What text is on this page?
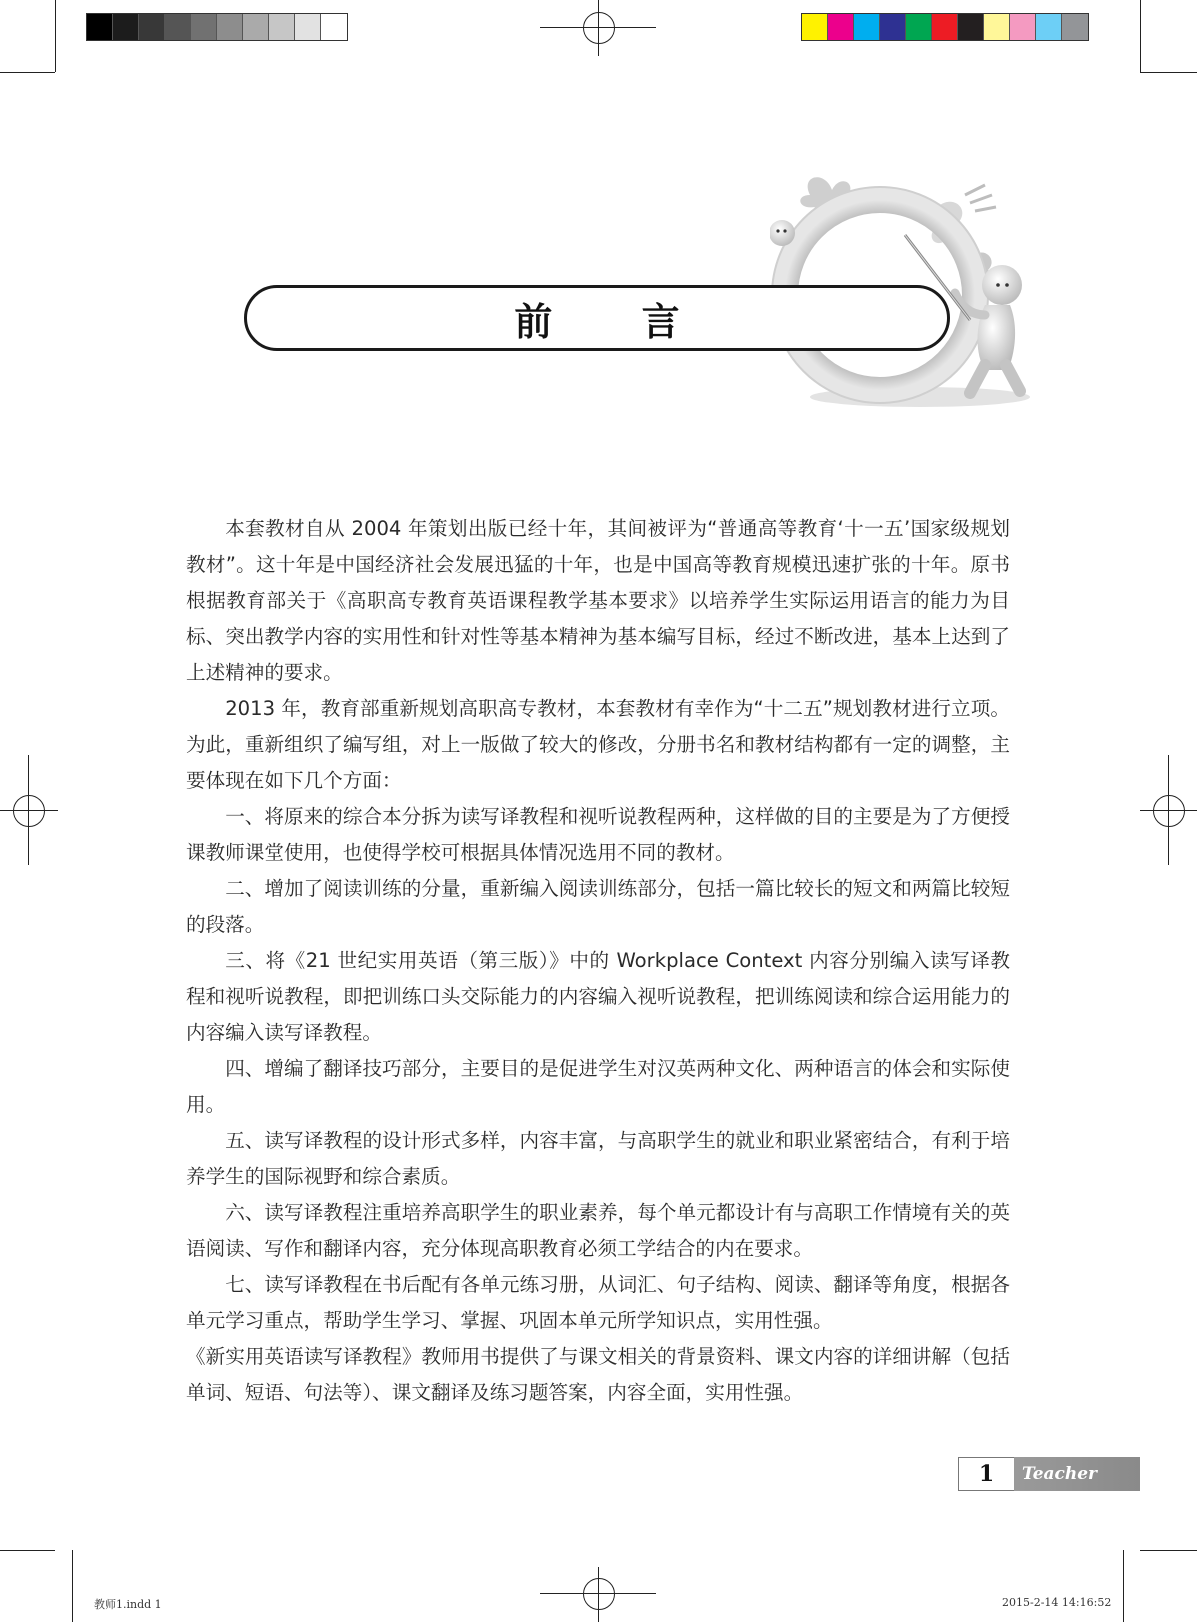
前 言

本套教材自从 2004 年策划出版已经十年，其间被评为“普通高等教育‘十一五’国家级规划教材”。这十年是中国经济社会发展迅猛的十年，也是中国高等教育规模迅速扩张的十年。原书根据教育部关于《高职高专教育英语课程教学基本要求》以培养学生实际运用语言的能力为目标、突出教学内容的实用性和针对性等基本精神为基本编写目标，经过不断改进，基本上达到了上述精神的要求。

2013 年，教育部重新规划高职高专教材，本套教材有幸作为“十二五”规划教材进行立项。为此，重新组织了编写组，对上一版做了较大的修改，分册书名和教材结构都有一定的调整，主要体现在如下几个方面：

一、将原来的综合本分拆为读写译教程和视听说教程两种，这样做的目的主要是为了方便授课教师课堂使用，也使得学校可根据具体情况选用不同的教材。

二、增加了阅读训练的分量，重新编入阅读训练部分，包括一篇比较长的短文和两篇比较短的段落。

三、将《21 世纪实用英语（第三版）》中的 Workplace Context 内容分别编入读写译教程和视听说教程，即把训练口头交际能力的内容编入视听说教程，把训练阅读和综合运用能力的内容编入读写译教程。

四、增编了翻译技巧部分，主要目的是促进学生对汉英两种文化、两种语言的体会和实际使用。

五、读写译教程的设计形式多样，内容丰富，与高职学生的就业和职业紧密结合，有利于培养学生的国际视野和综合素质。

六、读写译教程注重培养高职学生的职业素养，每个单元都设计有与高职工作情境有关的英语阅读、写作和翻译内容，充分体现高职教育必须工学结合的内在要求。

七、读写译教程在书后配有各单元练习册，从词汇、句子结构、阅读、翻译等角度，根据各单元学习重点，帮助学生学习、掌握、巩固本单元所学知识点，实用性强。

《新实用英语读写译教程》教师用书提供了与课文相关的背景资料、课文内容的详细讲解（包括单词、短语、句法等）、课文翻译及练习题答案，内容全面，实用性强。

1	Teacher
教师1.indd 1	2015-2-14 14:16:52
